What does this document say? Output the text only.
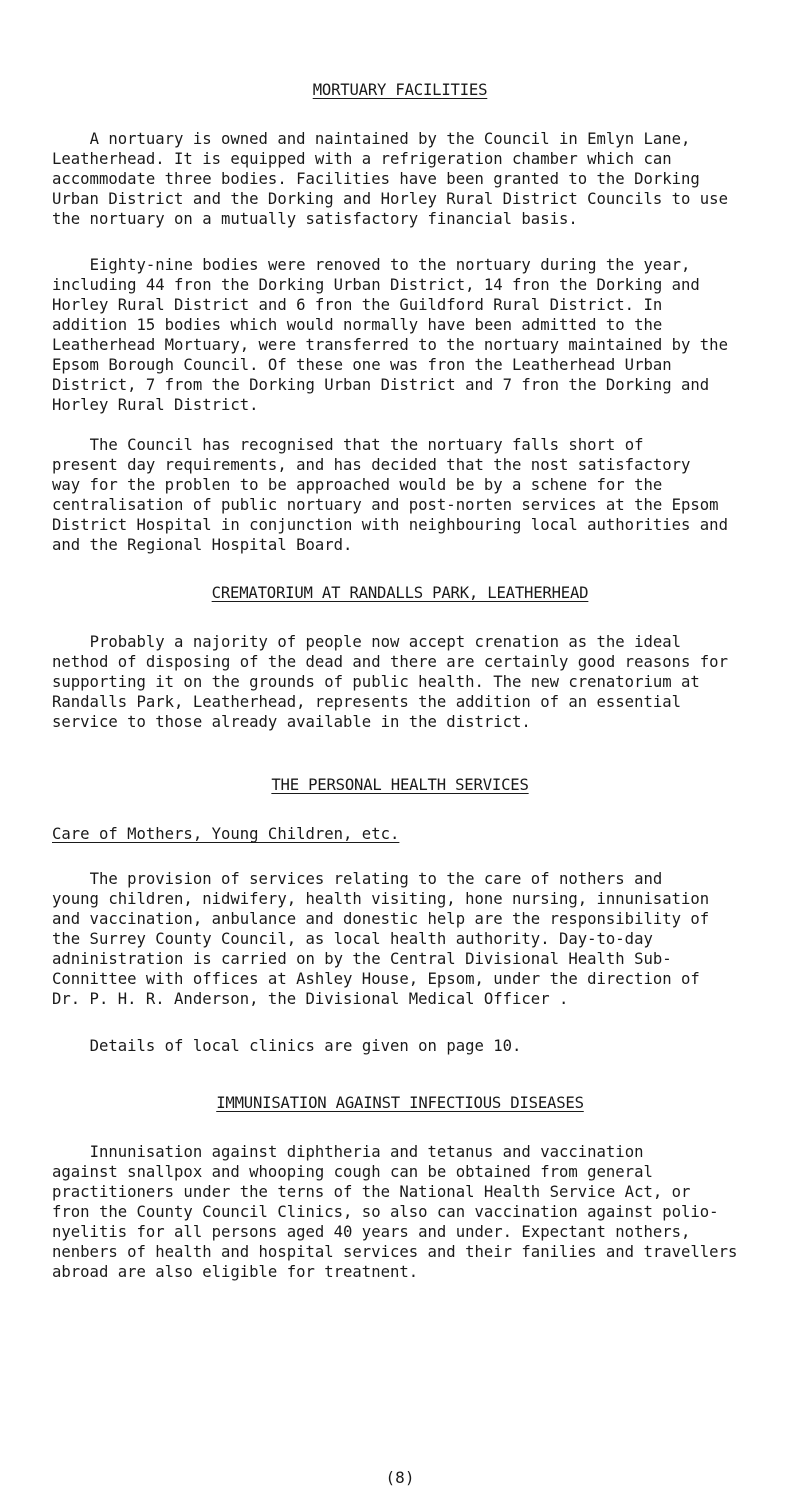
MORTUARY FACILITIES
A nortuary is owned and naintained by the Council in Emlyn Lane,
Leatherhead. It is equipped with a refrigeration chamber which can
accommodate three bodies. Facilities have been granted to the Dorking
Urban District and the Dorking and Horley Rural District Councils to use
the nortuary on a mutually satisfactory financial basis.
Eighty-nine bodies were renoved to the nortuary during the year,
including 44 fron the Dorking Urban District, 14 fron the Dorking and
Horley Rural District and 6 fron the Guildford Rural District. In
addition 15 bodies which would normally have been admitted to the
Leatherhead Mortuary, were transferred to the nortuary maintained by the
Epsom Borough Council. Of these one was fron the Leatherhead Urban
District, 7 from the Dorking Urban District and 7 fron the Dorking and
Horley Rural District.
The Council has recognised that the nortuary falls short of
present day requirements, and has decided that the nost satisfactory
way for the problen to be approached would be by a schene for the
centralisation of public nortuary and post-norten services at the Epsom
District Hospital in conjunction with neighbouring local authorities and
and the Regional Hospital Board.
CREMATORIUM AT RANDALLS PARK, LEATHERHEAD
Probably a najority of people now accept crenation as the ideal
nethod of disposing of the dead and there are certainly good reasons for
supporting it on the grounds of public health. The new crenatorium at
Randalls Park, Leatherhead, represents the addition of an essential
service to those already available in the district.
THE PERSONAL HEALTH SERVICES
Care of Mothers, Young Children, etc.
The provision of services relating to the care of nothers and
young children, nidwifery, health visiting, hone nursing, innunisation
and vaccination, anbulance and donestic help are the responsibility of
the Surrey County Council, as local health authority. Day-to-day
adninistration is carried on by the Central Divisional Health Sub-
Connittee with offices at Ashley House, Epsom, under the direction of
Dr. P. H. R. Anderson, the Divisional Medical Officer .
Details of local clinics are given on page 10.
IMMUNISATION AGAINST INFECTIOUS DISEASES
Innunisation against diphtheria and tetanus and vaccination
against snallpox and whooping cough can be obtained from general
practitioners under the terns of the National Health Service Act, or
fron the County Council Clinics, so also can vaccination against polio-
nyelitis for all persons aged 40 years and under. Expectant nothers,
nenbers of health and hospital services and their fanilies and travellers
abroad are also eligible for treatnent.
(8)
